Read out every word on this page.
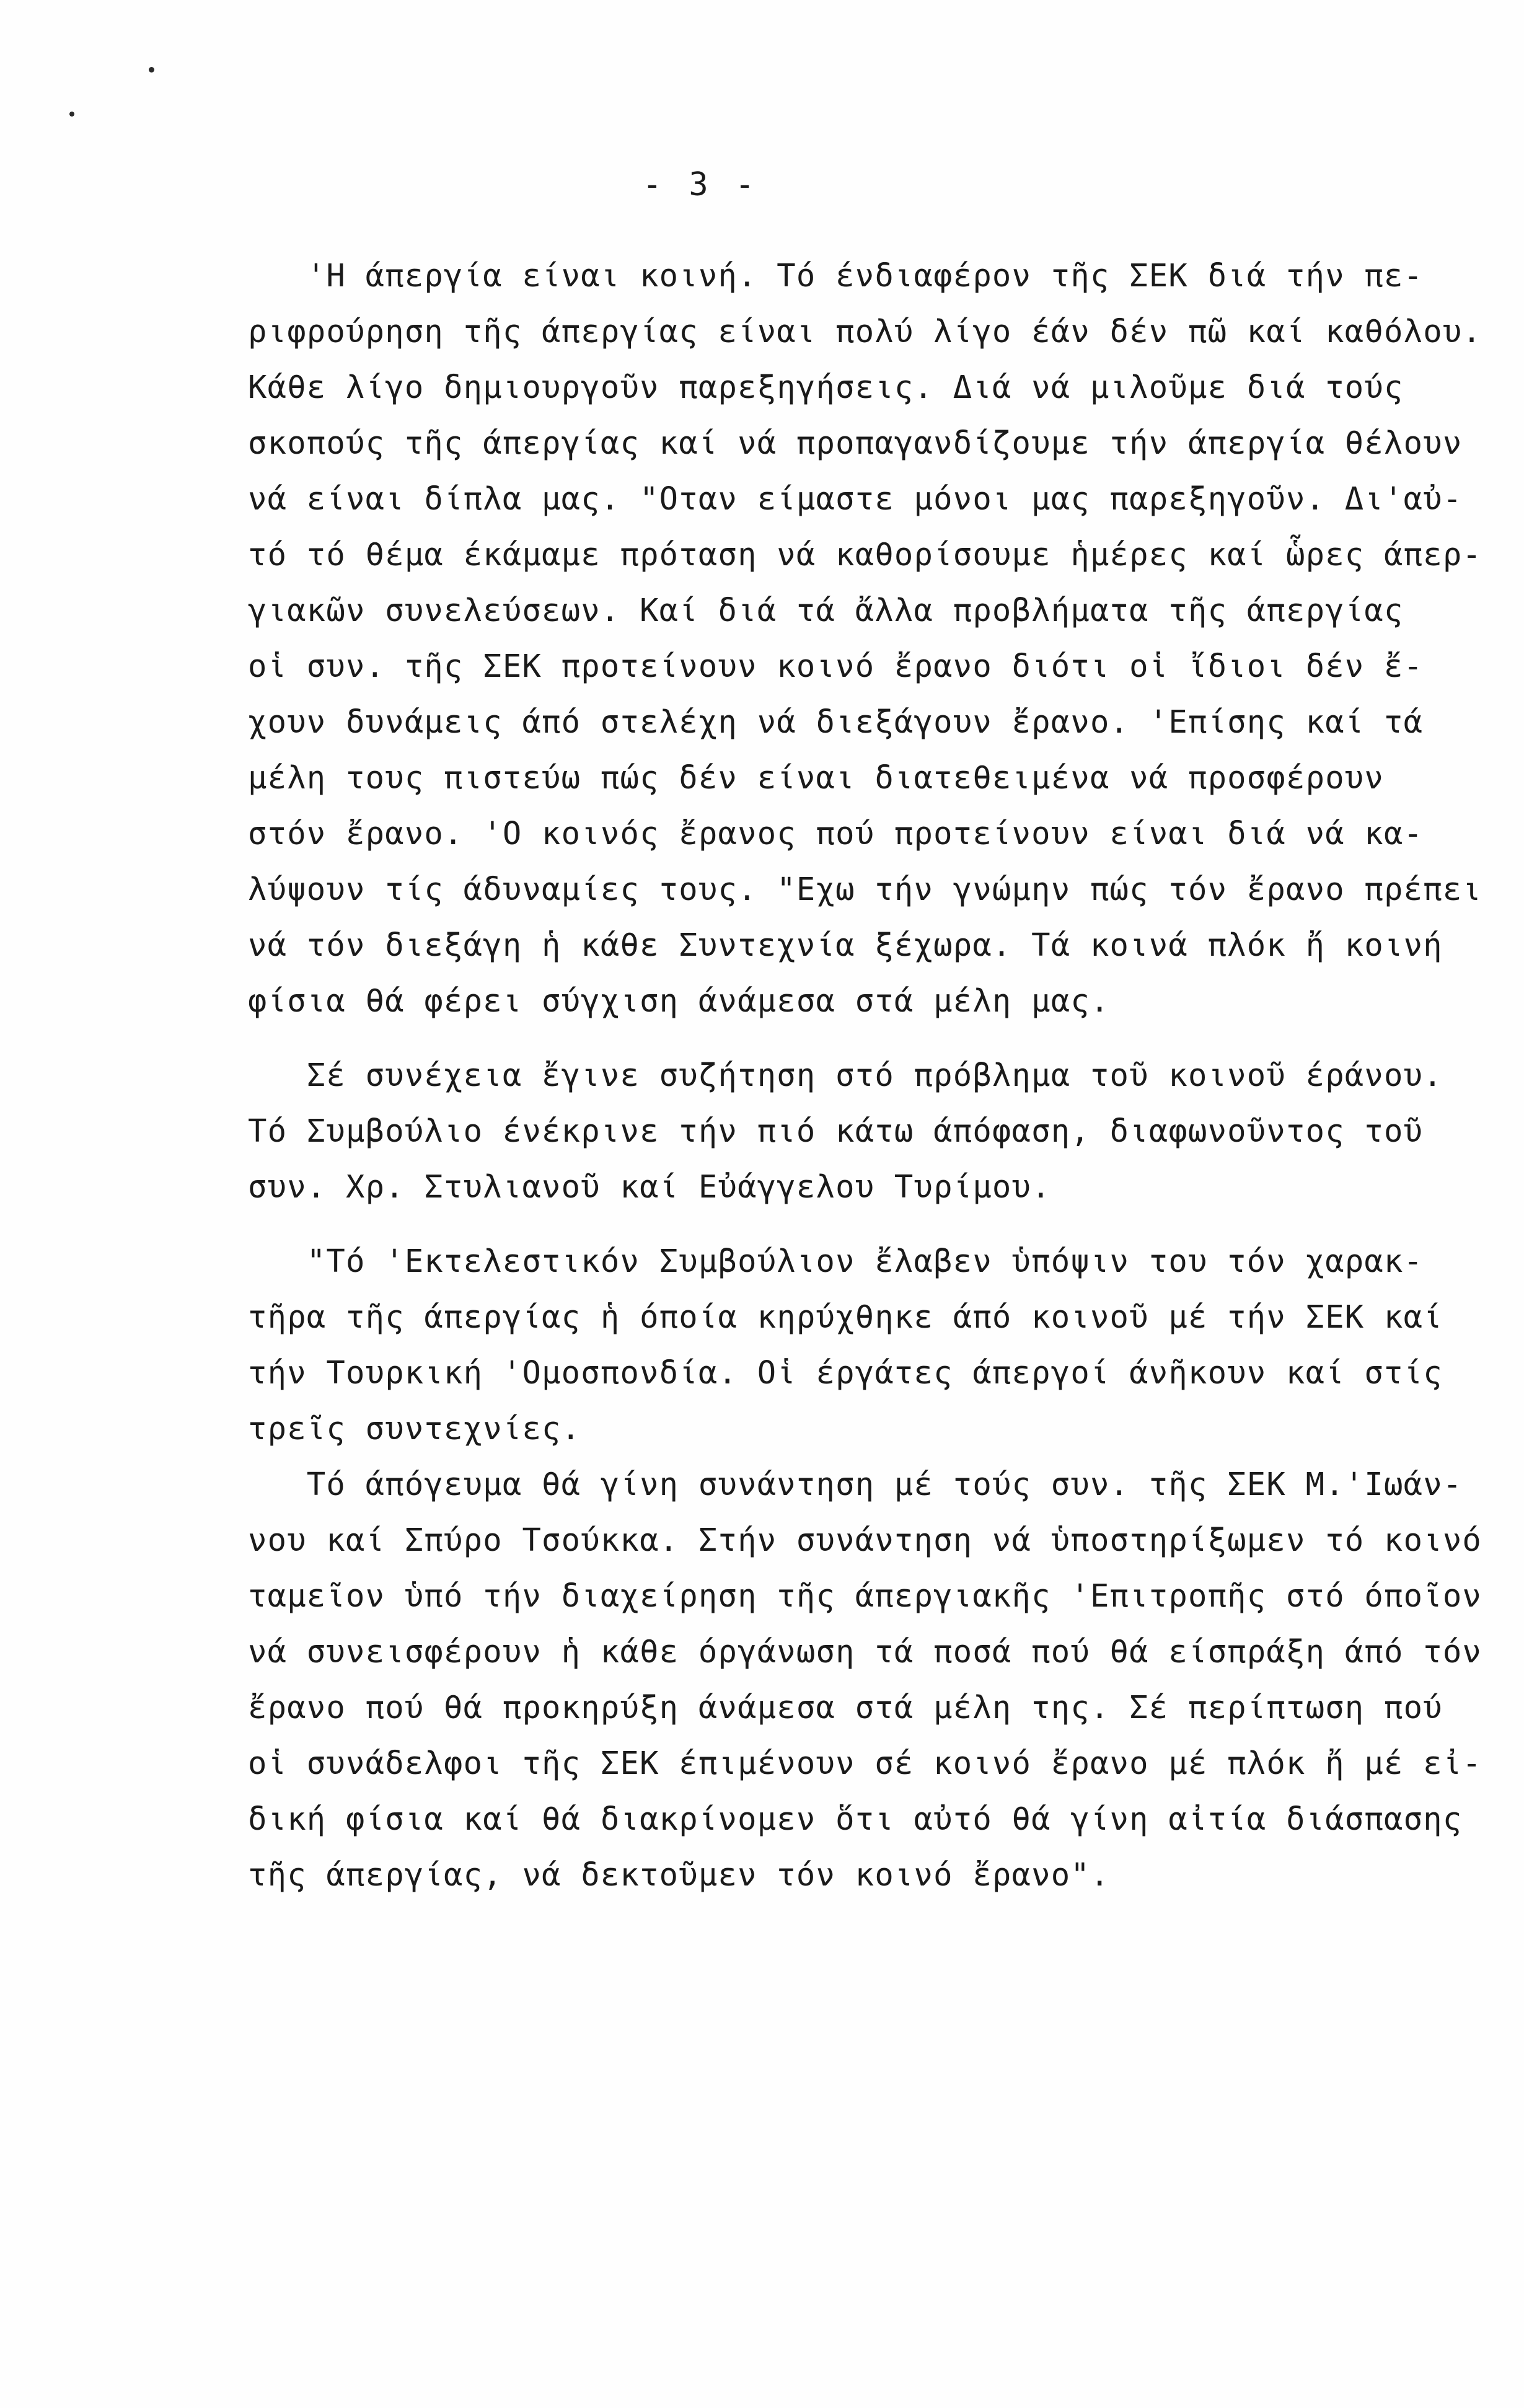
- 3 -
'Η άπεργία είναι κοινή. Τό ένδιαφέρον τῆς ΣΕΚ διά τήν πε-
ριφρούρηση τῆς άπεργίας είναι πολύ λίγο έάν δέν πῶ καί καθόλου.
Κάθε λίγο δημιουργοῦν παρεξηγήσεις. Διά νά μιλοῦμε διά τούς
σκοπούς τῆς άπεργίας καί νά προπαγανδίζουμε τήν άπεργία θέλουν
νά είναι δίπλα μας. "Οταν είμαστε μόνοι μας παρεξηγοῦν. Δι'αὐ-
τό τό θέμα έκάμαμε πρόταση νά καθορίσουμε ἡμέρες καί ὧρες άπερ-
γιακῶν συνελεύσεων. Καί διά τά ἄλλα προβλήματα τῆς άπεργίας
οἱ συν. τῆς ΣΕΚ προτείνουν κοινό ἔρανο διότι οἱ ἴδιοι δέν ἔ-
χουν δυνάμεις άπό στελέχη νά διεξάγουν ἔρανο. 'Επίσης καί τά
μέλη τους πιστεύω πώς δέν είναι διατεθειμένα νά προσφέρουν
στόν ἔρανο. 'Ο κοινός ἔρανος πού προτείνουν είναι διά νά κα-
λύψουν τίς άδυναμίες τους. "Εχω τήν γνώμην πώς τόν ἔρανο πρέπει
νά τόν διεξάγη ἡ κάθε Συντεχνία ξέχωρα. Τά κοινά πλόκ ἤ κοινή
φίσια θά φέρει σύγχιση άνάμεσα στά μέλη μας.
Σέ συνέχεια ἔγινε συζήτηση στό πρόβλημα τοῦ κοινοῦ έράνου.
Τό Συμβούλιο ένέκρινε τήν πιό κάτω άπόφαση, διαφωνοῦντος τοῦ
συν. Χρ. Στυλιανοῦ καί Εὐάγγελου Τυρίμου.
"Τό 'Εκτελεστικόν Συμβούλιον ἔλαβεν ὑπόψιν του τόν χαρακ-
τῆρα τῆς άπεργίας ἡ όποία κηρύχθηκε άπό κοινοῦ μέ τήν ΣΕΚ καί
τήν Τουρκική 'Ομοσπονδία. Οἱ έργάτες άπεργοί άνῆκουν καί στίς
τρεῖς συντεχνίες.
Τό άπόγευμα θά γίνη συνάντηση μέ τούς συν. τῆς ΣΕΚ Μ.'Ιωάν-
νου καί Σπύρο Τσούκκα. Στήν συνάντηση νά ὑποστηρίξωμεν τό κοινό
ταμεῖον ὑπό τήν διαχείρηση τῆς άπεργιακῆς 'Επιτροπῆς στό όποῖον
νά συνεισφέρουν ἡ κάθε όργάνωση τά ποσά πού θά είσπράξη άπό τόν
ἔρανο πού θά προκηρύξη άνάμεσα στά μέλη της. Σέ περίπτωση πού
οἱ συνάδελφοι τῆς ΣΕΚ έπιμένουν σέ κοινό ἔρανο μέ πλόκ ἤ μέ εἰ-
δική φίσια καί θά διακρίνομεν ὅτι αὐτό θά γίνη αἰτία διάσπασης
τῆς άπεργίας, νά δεκτοῦμεν τόν κοινό ἔρανο".
